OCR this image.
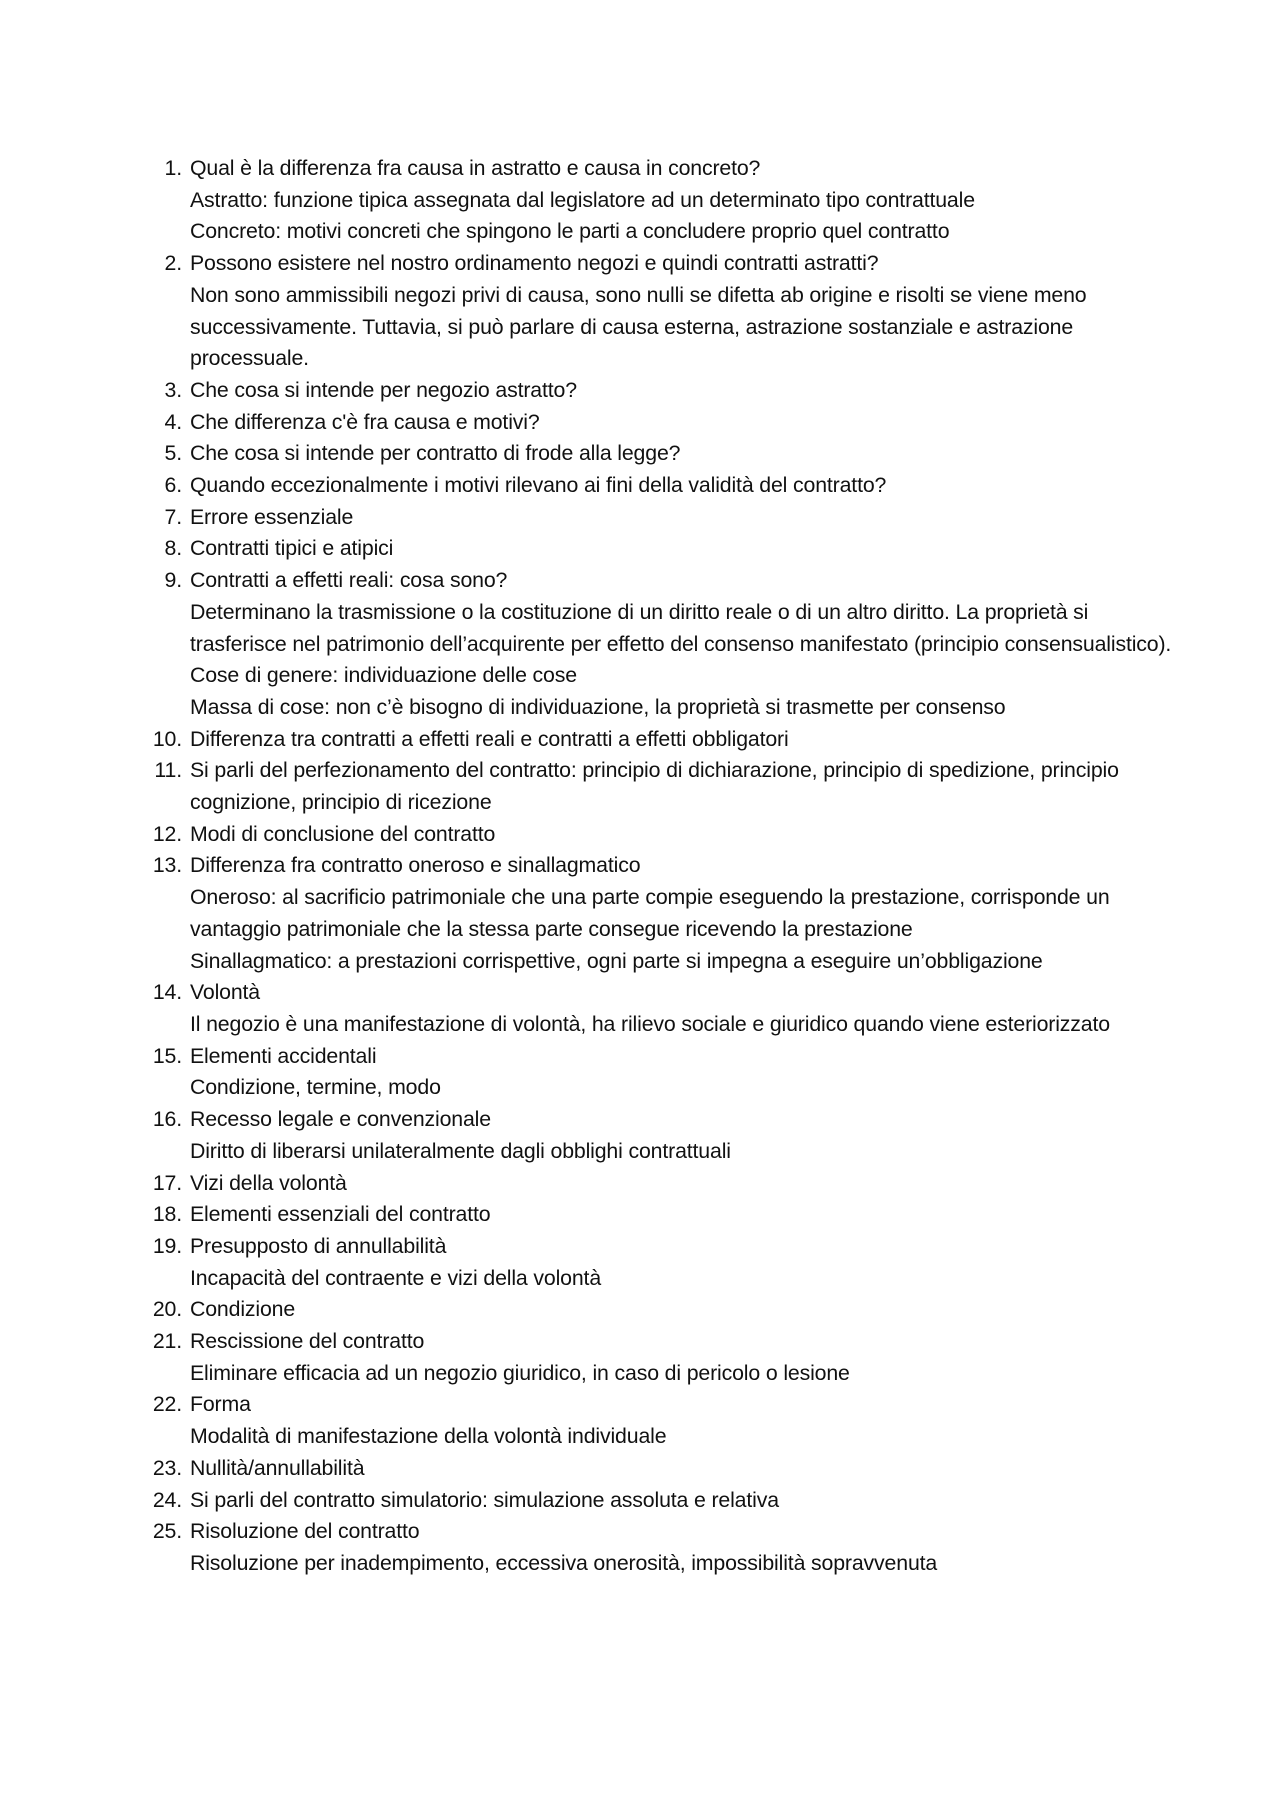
1. Qual è la differenza fra causa in astratto e causa in concreto?
Astratto: funzione tipica assegnata dal legislatore ad un determinato tipo contrattuale
Concreto: motivi concreti che spingono le parti a concludere proprio quel contratto
2. Possono esistere nel nostro ordinamento negozi e quindi contratti astratti?
Non sono ammissibili negozi privi di causa, sono nulli se difetta ab origine e risolti se viene meno successivamente. Tuttavia, si può parlare di causa esterna, astrazione sostanziale e astrazione processuale.
3. Che cosa si intende per negozio astratto?
4. Che differenza c'è fra causa e motivi?
5. Che cosa si intende per contratto di frode alla legge?
6. Quando eccezionalmente i motivi rilevano ai fini della validità del contratto?
7. Errore essenziale
8. Contratti tipici e atipici
9. Contratti a effetti reali: cosa sono?
Determinano la trasmissione o la costituzione di un diritto reale o di un altro diritto. La proprietà si trasferisce nel patrimonio dell’acquirente per effetto del consenso manifestato (principio consensualistico).
Cose di genere: individuazione delle cose
Massa di cose: non c’è bisogno di individuazione, la proprietà si trasmette per consenso
10. Differenza tra contratti a effetti reali e contratti a effetti obbligatori
11. Si parli del perfezionamento del contratto: principio di dichiarazione, principio di spedizione, principio cognizione, principio di ricezione
12. Modi di conclusione del contratto
13. Differenza fra contratto oneroso e sinallagmatico
Oneroso: al sacrificio patrimoniale che una parte compie eseguendo la prestazione, corrisponde un vantaggio patrimoniale che la stessa parte consegue ricevendo la prestazione
Sinallagmatico: a prestazioni corrispettive, ogni parte si impegna a eseguire un’obbligazione
14. Volontà
Il negozio è una manifestazione di volontà, ha rilievo sociale e giuridico quando viene esteriorizzato
15. Elementi accidentali
Condizione, termine, modo
16. Recesso legale e convenzionale
Diritto di liberarsi unilateralmente dagli obblighi contrattuali
17. Vizi della volontà
18. Elementi essenziali del contratto
19. Presupposto di annullabilità
Incapacità del contraente e vizi della volontà
20. Condizione
21. Rescissione del contratto
Eliminare efficacia ad un negozio giuridico, in caso di pericolo o lesione
22. Forma
Modalità di manifestazione della volontà individuale
23. Nullità/annullabilità
24. Si parli del contratto simulatorio: simulazione assoluta e relativa
25. Risoluzione del contratto
Risoluzione per inadempimento, eccessiva onerosità, impossibilità sopravvenuta
